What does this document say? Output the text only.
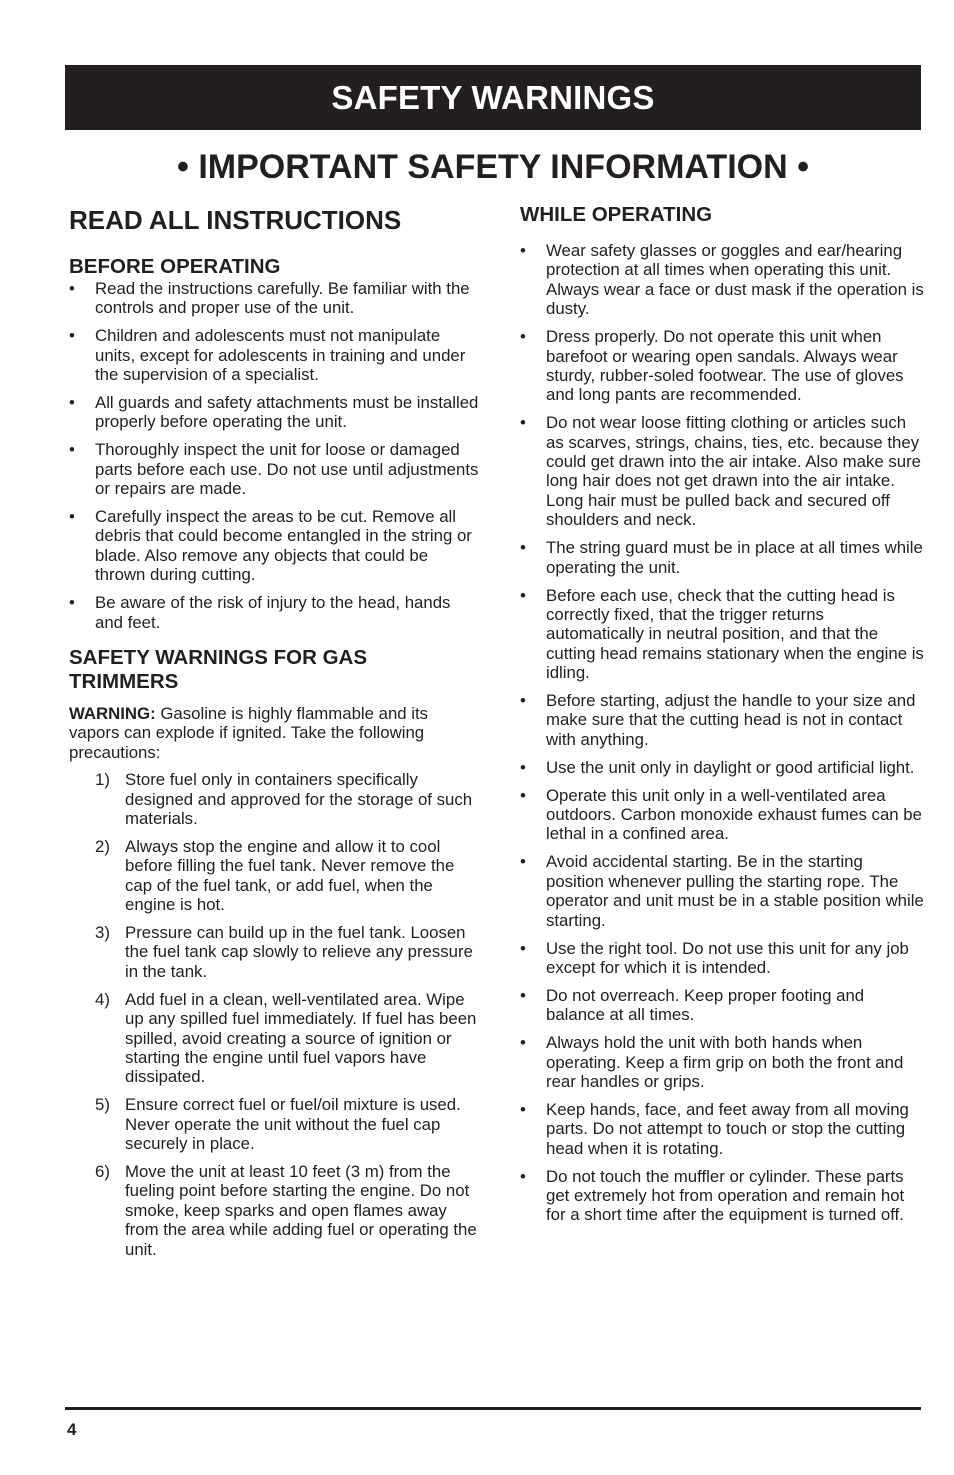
SAFETY WARNINGS
• IMPORTANT SAFETY INFORMATION •
READ ALL INSTRUCTIONS
BEFORE OPERATING
• Read the instructions carefully. Be familiar with the controls and proper use of the unit.
• Children and adolescents must not manipulate units, except for adolescents in training and under the supervision of a specialist.
• All guards and safety attachments must be installed properly before operating the unit.
• Thoroughly inspect the unit for loose or damaged parts before each use. Do not use until adjustments or repairs are made.
• Carefully inspect the areas to be cut. Remove all debris that could become entangled in the string or blade. Also remove any objects that could be thrown during cutting.
• Be aware of the risk of injury to the head, hands and feet.
SAFETY WARNINGS FOR GAS TRIMMERS
WARNING: Gasoline is highly flammable and its vapors can explode if ignited. Take the following precautions:
1) Store fuel only in containers specifically designed and approved for the storage of such materials.
2) Always stop the engine and allow it to cool before filling the fuel tank. Never remove the cap of the fuel tank, or add fuel, when the engine is hot.
3) Pressure can build up in the fuel tank. Loosen the fuel tank cap slowly to relieve any pressure in the tank.
4) Add fuel in a clean, well-ventilated area. Wipe up any spilled fuel immediately. If fuel has been spilled, avoid creating a source of ignition or starting the engine until fuel vapors have dissipated.
5) Ensure correct fuel or fuel/oil mixture is used. Never operate the unit without the fuel cap securely in place.
6) Move the unit at least 10 feet (3 m) from the fueling point before starting the engine. Do not smoke, keep sparks and open flames away from the area while adding fuel or operating the unit.
WHILE OPERATING
• Wear safety glasses or goggles and ear/hearing protection at all times when operating this unit. Always wear a face or dust mask if the operation is dusty.
• Dress properly. Do not operate this unit when barefoot or wearing open sandals. Always wear sturdy, rubber-soled footwear. The use of gloves and long pants are recommended.
• Do not wear loose fitting clothing or articles such as scarves, strings, chains, ties, etc. because they could get drawn into the air intake. Also make sure long hair does not get drawn into the air intake. Long hair must be pulled back and secured off shoulders and neck.
• The string guard must be in place at all times while operating the unit.
• Before each use, check that the cutting head is correctly fixed, that the trigger returns automatically in neutral position, and that the cutting head remains stationary when the engine is idling.
• Before starting, adjust the handle to your size and make sure that the cutting head is not in contact with anything.
• Use the unit only in daylight or good artificial light.
• Operate this unit only in a well-ventilated area outdoors. Carbon monoxide exhaust fumes can be lethal in a confined area.
• Avoid accidental starting. Be in the starting position whenever pulling the starting rope. The operator and unit must be in a stable position while starting.
• Use the right tool. Do not use this unit for any job except for which it is intended.
• Do not overreach. Keep proper footing and balance at all times.
• Always hold the unit with both hands when operating. Keep a firm grip on both the front and rear handles or grips.
• Keep hands, face, and feet away from all moving parts. Do not attempt to touch or stop the cutting head when it is rotating.
• Do not touch the muffler or cylinder. These parts get extremely hot from operation and remain hot for a short time after the equipment is turned off.
4
